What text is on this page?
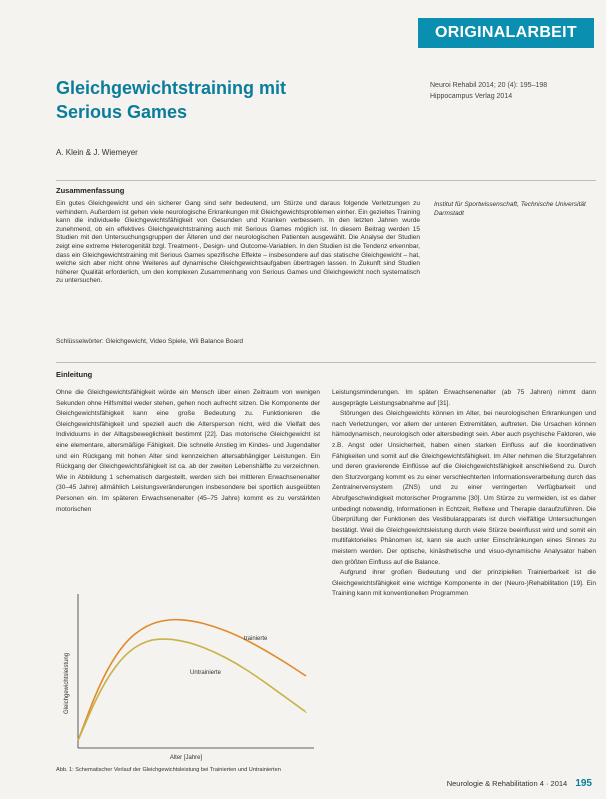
ORIGINALARBEIT
Gleichgewichtstraining mit
Serious Games
Neuroi Rehabil 2014; 20 (4): 195–198
Hippocampus Verlag 2014
A. Klein & J. Wiemeyer
Zusammenfassung
Ein gutes Gleichgewicht und ein sicherer Gang sind sehr bedeutend, um Stürze und daraus folgende Verletzungen zu verhindern. Außerdem ist gehen viele neurologische Erkrankungen mit Gleichgewichtsproblemen einher. Ein gezieltes Training kann die individuelle Gleichgewichtsfähigkeit von Gesunden und Kranken verbessern. In den letzten Jahren wurde zunehmend, ob ein effektives Gleichgewichtstraining auch mit Serious Games möglich ist. In diesem Beitrag werden 15 Studien mit den Untersuchungsgruppen der Älteren und der neurologischen Patienten ausgewählt. Die Analyse der Studien zeigt eine extreme Heterogenität bzgl. Treatment-, Design- und Outcome-Variablen. In den Studien ist die Tendenz erkennbar, dass ein Gleichgewichtstraining mit Serious Games spezifische Effekte – insbesondere auf das statische Gleichgewicht – hat, welche sich aber nicht ohne Weiteres auf dynamische Gleichgewichtsaufgaben übertragen lassen. In Zukunft sind Studien höherer Qualität erforderlich, um den komplexen Zusammenhang von Serious Games und Gleichgewicht noch systematisch zu untersuchen.
Institut für Sportwissenschaft, Technische Universität Darmstadt
Schlüsselwörter: Gleichgewicht, Video Spiele, Wii Balance Board
Einleitung

Ohne die Gleichgewichtsfähigkeit würde ein Mensch über einen Zeitraum von wenigen Sekunden ohne Hilfsmittel weder stehen, gehen noch aufrecht sitzen. Die Komponente der Gleichgewichtsfähigkeit kann eine große Bedeutung zu. Funktionieren die Gleichgewichtsfähigkeit und speziell auch die Altersperson nicht, wird die Vielfalt des Individuums in der Alltagsbeweglichkeit bestimmt [22]. Das motorische Gleichgewicht ist eine elementare, altersmäßige Fähigkeit. Die schnelle Anstieg im Kindes- und Jugendalter und ein Rückgang mit hohen Alter sind kennzeichen altersabhängiger Leistungen. Ein Rückgang der Gleichgewichtsfähigkeit ist ca. ab der zweiten Lebenshälfte zu verzeichnen. Wie in Abbildung 1 schematisch dargestellt, werden sich bei mittleren Erwachsenenalter (30–45 Jahre) allmählich Leistungsveränderungen insbesondere bei sportlich ausgeübten Personen ein. Im späteren Erwachsenenalter (45–75 Jahre) kommt es zu verstärkten motorischen

Leistungsminderungen. Im späten Erwachsenenalter (ab 75 Jahren) nimmt dann ausgeprägte Leistungsabnahme auf [31].

Störungen des Gleichgewichts können im Alter, bei neurologischen Erkrankungen und nach Verletzungen, vor allem der unteren Extremitäten, auftreten. Die Ursachen können hämodynamisch, neurologisch oder altersbedingt sein. Aber auch psychische Faktoren, wie z.B. Angst oder Unsicherheit, haben einen starken Einfluss auf die koordinativen Fähigkeiten und somit auf die Gleichgewichtsfähigkeit. Im Alter nehmen die Sturzgefahren und deren gravierende Einflüsse auf die Gleichgewichtsfähigkeit anschließend zu. Durch den Sturzvorgang kommt es zu einer verschlechterten Informationsverarbeitung durch das Zentralnervensystem (ZNS) und zu einer verringerten Verfügbarkeit und Abrufgeschwindigkeit motorischer Programme [30]. Um Stürze zu vermeiden, ist es daher unbedingt notwendig, Informationen in Echtzeit, Reflexe und Therapie daraufzuführen. Die Überprüfung der Funktionen des Vestibularapparats ist durch vielfältige Untersuchungen bestätigt. Weil die Gleichgewichtsleistung durch viele Stürze beeinflusst wird und somit ein multifaktorielles Phänomen ist, kann sie auch unter Einschränkungen eines Sinnes zu meistern werden. Der optische, kinästhetische und visuo-dynamische Analysator haben den größten Einfluss auf die Balance.

Aufgrund ihrer großen Bedeutung und der prinzipiellen Trainierbarkeit ist die Gleichgewichtsfähigkeit eine wichtige Komponente in der (Neuro-)Rehabilitation [19]. Ein Training kann mit konventionellen Programmen

Gleichgewichtsleistung
Alter [Jahre]
trainierte
Untrainierte
Abb. 1: Schematischer Verlauf der Gleichgewichtsleistung bei Trainierten und Untrainierten
Neurologie & Rehabilitation 4 · 2014 195
